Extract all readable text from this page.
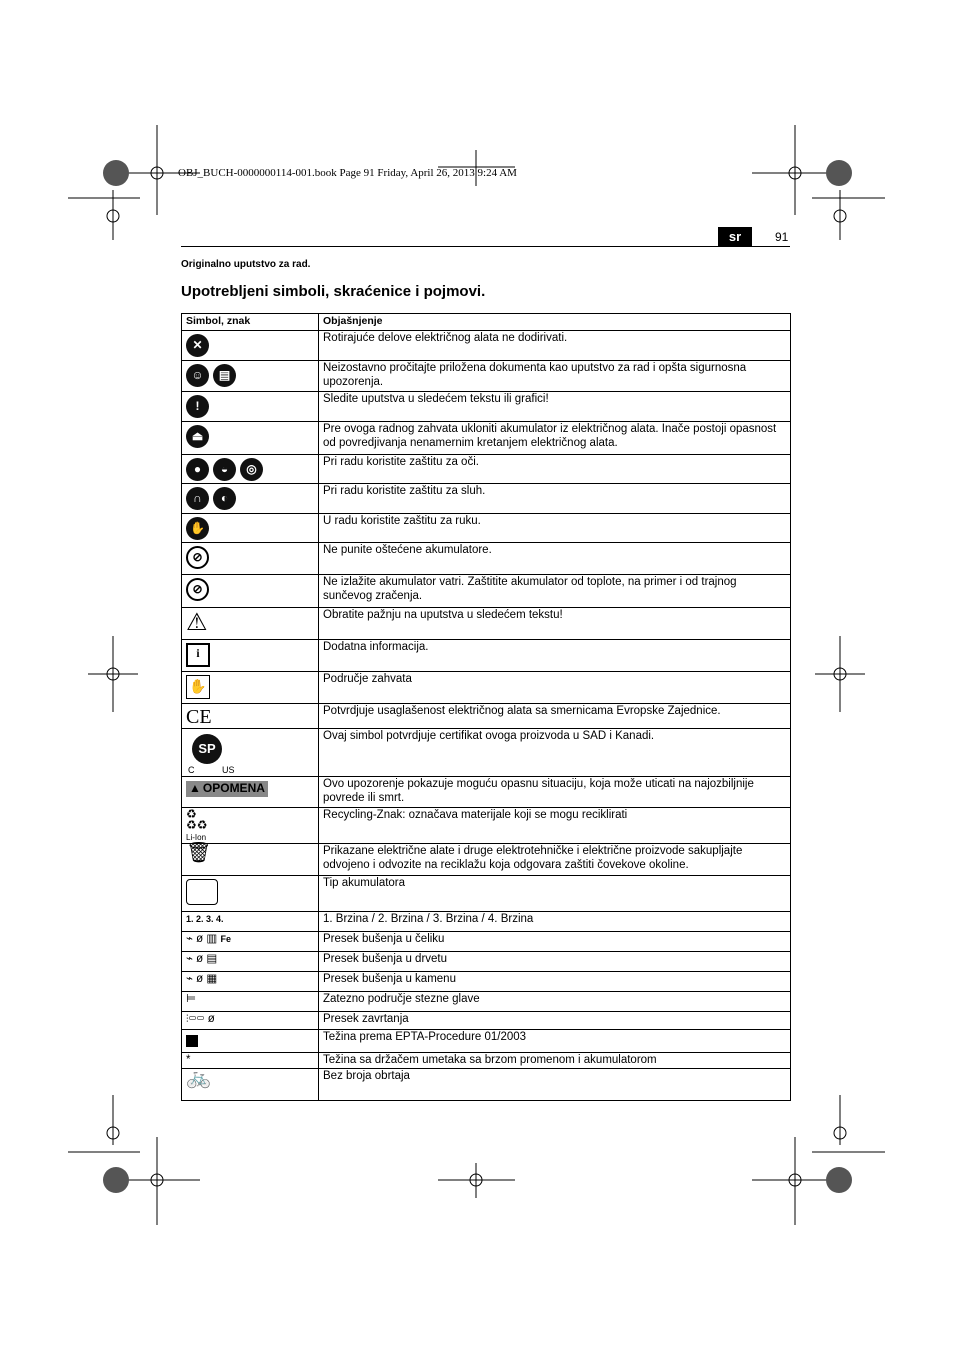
OBJ_BUCH-0000000114-001.book Page 91 Friday, April 26, 2013 9:24 AM
sr	91
Originalno uputstvo za rad.
Upotrebljeni simboli, skraćenice i pojmovi.
Simbol, znak	Objašnjenje

✕	Rotirajuće delove električnog alata ne dodirivati.

☺ ▤	Neizostavno pročitajte priložena dokumenta kao uputstvo za rad i opšta sigurnosna upozorenja.

!	Sledite uputstva u sledećem tekstu ili grafici!

⏏	Pre ovoga radnog zahvata ukloniti akumulator iz električnog alata. Inače postoji opasnost od povredjivanja nenamernim kretanjem električnog alata.

● ◒ ◎	Pri radu koristite zaštitu za oči.

∩ ◐	Pri radu koristite zaštitu za sluh.

✋	U radu koristite zaštitu za ruku.

⊘	Ne punite oštećene akumulatore.

⊘	Ne izlažite akumulator vatri. Zaštitite akumulator od toplote, na primer i od trajnog sunčevog zračenja.

⚠	Obratite pažnju na uputstva u sledećem tekstu!

i	Dodatna informacija.

✋	Područje zahvata

CE	Potvrdjuje usaglašenost električnog alata sa smernicama Evropske Zajednice.

SP
C US	Ovaj simbol potvrdjuje certifikat ovoga proizvoda u SAD i Kanadi.

▲ OPOMENA	Ovo upozorenje pokazuje moguću opasnu situaciju, koja može uticati na najozbiljnije povrede ili smrt.

♻
♻♻
Li-Ion	Recycling-Znak: označava materijale koji se mogu reciklirati

🗑	Prikazane električne alate i druge elektrotehničke i električne proizvode sakupljajte odvojeno i odvozite na reciklažu koja odgovara zaštiti čovekove okoline.

	Tip akumulatora
1. 2. 3. 4.	1. Brzina / 2. Brzina / 3. Brzina / 4. Brzina
⌁ ø ▥ Fe	Presek bušenja u čeliku
⌁ ø ▤	Presek bušenja u drvetu
⌁ ø ▦	Presek bušenja u kamenu
⊨	Zatezno područje stezne glave
⫶▭▭ ø	Presek zavrtanja
	Težina prema EPTA-Procedure 01/2003
*	Težina sa držačem umetaka sa brzom promenom i akumulatorom

🚲	Bez broja obrtaja
